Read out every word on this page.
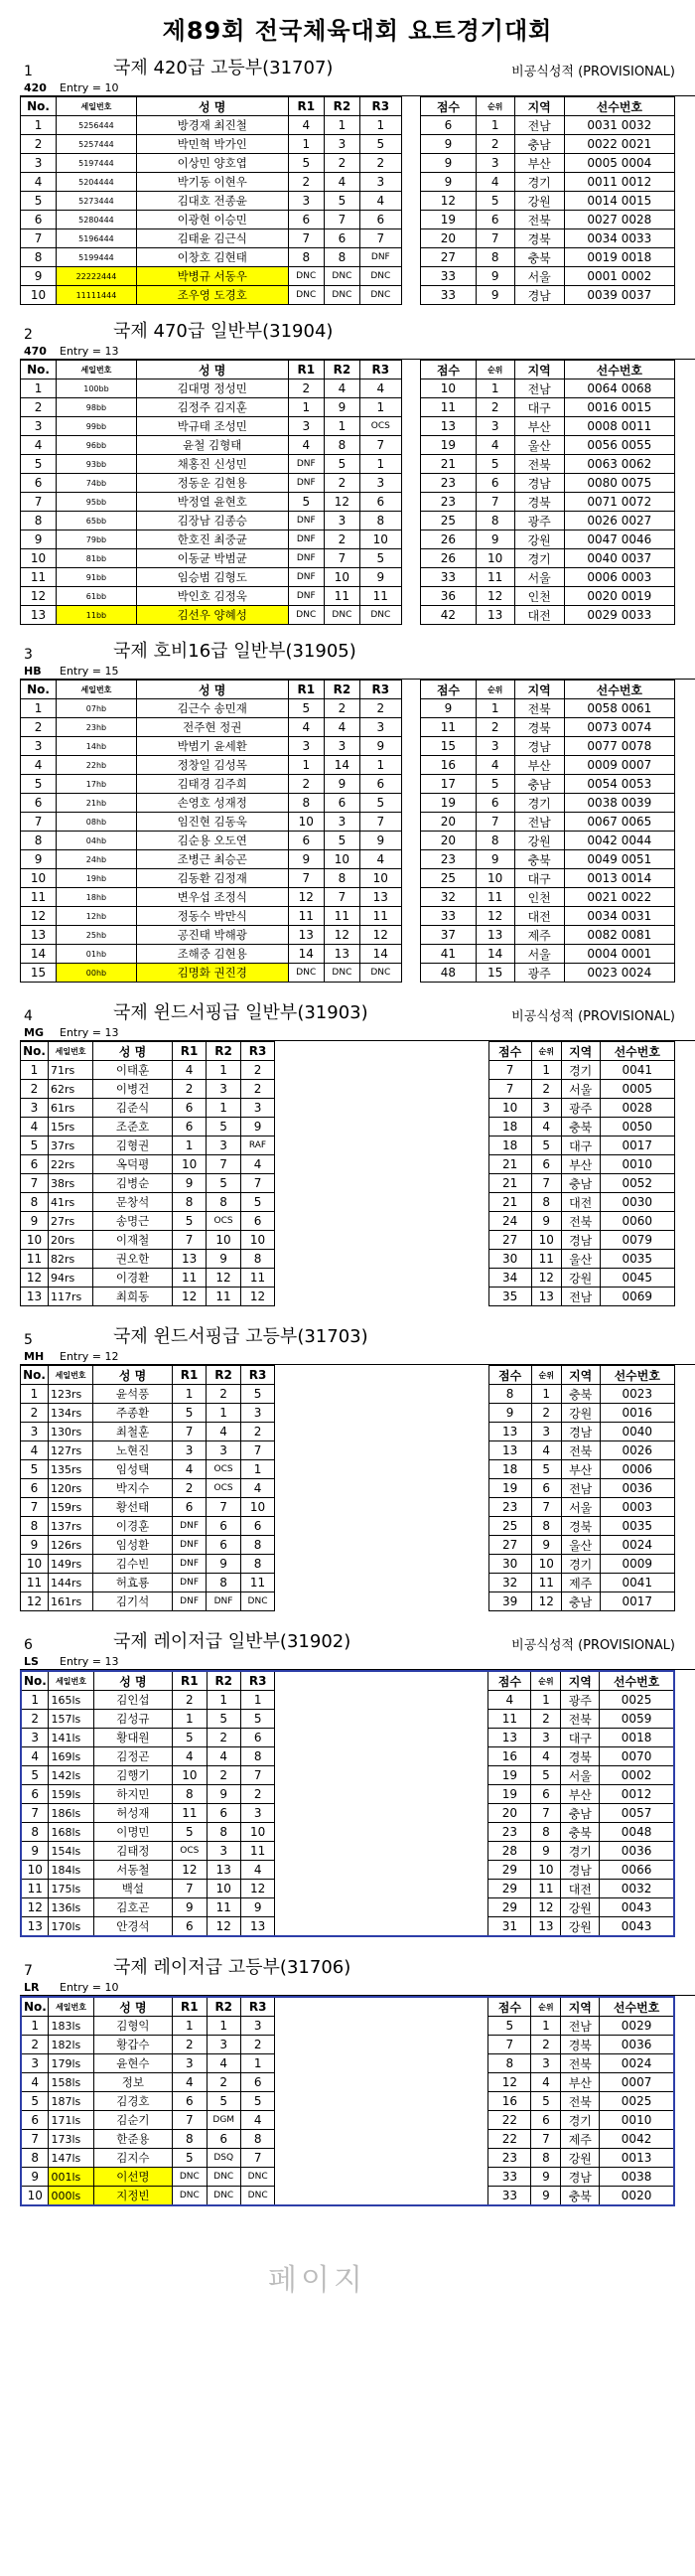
제89회 전국체육대회 요트경기대회
1	국제 420급 고등부(31707)	비공식성적 (PROVISIONAL)
420	Entry = 10
No.	세일번호	성 명	R1	R2	R3		점수	순위	지역	선수번호
1	5256444	방경재 최진철	4	1	1		6	1	전남	0031 0032
2	5257444	박민혁 박가인	1	3	5		9	2	충남	0022 0021
3	5197444	이상민 양호엽	5	2	2		9	3	부산	0005 0004
4	5204444	박기동 이현우	2	4	3		9	4	경기	0011 0012
5	5273444	김대호 전종윤	3	5	4		12	5	강원	0014 0015
6	5280444	이광현 이승민	6	7	6		19	6	전북	0027 0028
7	5196444	김태윤 김근식	7	6	7		20	7	경북	0034 0033
8	5199444	이창호 김현태	8	8	DNF		27	8	충북	0019 0018
9	22222444	박병규 서동우	DNC	DNC	DNC		33	9	서울	0001 0002
10	11111444	조우영 도경호	DNC	DNC	DNC		33	9	경남	0039 0037
2	국제 470급 일반부(31904)
470	Entry = 13
No.	세일번호	성 명	R1	R2	R3		점수	순위	지역	선수번호
1	100bb	김대명 정성민	2	4	4		10	1	전남	0064 0068
2	98bb	김정주 김지훈	1	9	1		11	2	대구	0016 0015
3	99bb	박규태 조성민	3	1	OCS		13	3	부산	0008 0011
4	96bb	윤철 김형태	4	8	7		19	4	울산	0056 0055
5	93bb	채홍진 신성민	DNF	5	1		21	5	전북	0063 0062
6	74bb	정동운 김현용	DNF	2	3		23	6	경남	0080 0075
7	95bb	박정열 윤현호	5	12	6		23	7	경북	0071 0072
8	65bb	김장남 김종승	DNF	3	8		25	8	광주	0026 0027
9	79bb	한호진 최중균	DNF	2	10		26	9	강원	0047 0046
10	81bb	이동균 박범균	DNF	7	5		26	10	경기	0040 0037
11	91bb	임승범 김형도	DNF	10	9		33	11	서울	0006 0003
12	61bb	박인호 김정욱	DNF	11	11		36	12	인천	0020 0019
13	11bb	김선우 양혜성	DNC	DNC	DNC		42	13	대전	0029 0033
3	국제 호비16급 일반부(31905)
HB	Entry = 15
No.	세일번호	성 명	R1	R2	R3		점수	순위	지역	선수번호
1	07hb	김근수 송민재	5	2	2		9	1	전북	0058 0061
2	23hb	전주현 정권	4	4	3		11	2	경북	0073 0074
3	14hb	박범기 윤세환	3	3	9		15	3	경남	0077 0078
4	22hb	정창일 김성목	1	14	1		16	4	부산	0009 0007
5	17hb	김태경 김주희	2	9	6		17	5	충남	0054 0053
6	21hb	손영호 성재정	8	6	5		19	6	경기	0038 0039
7	08hb	임진현 김동욱	10	3	7		20	7	전남	0067 0065
8	04hb	김순용 오도연	6	5	9		20	8	강원	0042 0044
9	24hb	조병근 최승곤	9	10	4		23	9	충북	0049 0051
10	19hb	김동환 김정재	7	8	10		25	10	대구	0013 0014
11	18hb	변우섭 조정식	12	7	13		32	11	인천	0021 0022
12	12hb	정동수 박만식	11	11	11		33	12	대전	0034 0031
13	25hb	공진태 박해광	13	12	12		37	13	제주	0082 0081
14	01hb	조해중 김현용	14	13	14		41	14	서울	0004 0001
15	00hb	김명화 권진경	DNC	DNC	DNC		48	15	광주	0023 0024
4	국제 윈드서핑급 일반부(31903)	비공식성적 (PROVISIONAL)
MG	Entry = 13
No.	세일번호	성 명	R1	R2	R3		점수	순위	지역	선수번호
1	71rs	이태훈	4	1	2		7	1	경기	0041
2	62rs	이병건	2	3	2		7	2	서울	0005
3	61rs	김준식	6	1	3		10	3	광주	0028
4	15rs	조준호	6	5	9		18	4	충북	0050
5	37rs	김형권	1	3	RAF		18	5	대구	0017
6	22rs	옥덕평	10	7	4		21	6	부산	0010
7	38rs	김병순	9	5	7		21	7	충남	0052
8	41rs	문창석	8	8	5		21	8	대전	0030
9	27rs	송명근	5	OCS	6		24	9	전북	0060
10	20rs	이재철	7	10	10		27	10	경남	0079
11	82rs	권오한	13	9	8		30	11	울산	0035
12	94rs	이경환	11	12	11		34	12	강원	0045
13	117rs	최희동	12	11	12		35	13	전남	0069
5	국제 윈드서핑급 고등부(31703)
MH	Entry = 12
No.	세일번호	성 명	R1	R2	R3		점수	순위	지역	선수번호
1	123rs	윤석풍	1	2	5		8	1	충북	0023
2	134rs	주종환	5	1	3		9	2	강원	0016
3	130rs	최철훈	7	4	2		13	3	경남	0040
4	127rs	노현진	3	3	7		13	4	전북	0026
5	135rs	임성택	4	OCS	1		18	5	부산	0006
6	120rs	박지수	2	OCS	4		19	6	전남	0036
7	159rs	황선태	6	7	10		23	7	서울	0003
8	137rs	이경훈	DNF	6	6		25	8	경북	0035
9	126rs	임성환	DNF	6	8		27	9	울산	0024
10	149rs	김수빈	DNF	9	8		30	10	경기	0009
11	144rs	허효룡	DNF	8	11		32	11	제주	0041
12	161rs	김기석	DNF	DNF	DNC		39	12	충남	0017
6	국제 레이저급 일반부(31902)	비공식성적 (PROVISIONAL)
LS	Entry = 13
No.	세일번호	성 명	R1	R2	R3		점수	순위	지역	선수번호
1	165ls	김인섭	2	1	1		4	1	광주	0025
2	157ls	김성규	1	5	5		11	2	전북	0059
3	141ls	황대원	5	2	6		13	3	대구	0018
4	169ls	김정곤	4	4	8		16	4	경북	0070
5	142ls	김행기	10	2	7		19	5	서울	0002
6	159ls	하지민	8	9	2		19	6	부산	0012
7	186ls	허성재	11	6	3		20	7	충남	0057
8	168ls	이명민	5	8	10		23	8	충북	0048
9	154ls	김태정	OCS	3	11		28	9	경기	0036
10	184ls	서동철	12	13	4		29	10	경남	0066
11	175ls	백설	7	10	12		29	11	대전	0032
12	136ls	김호곤	9	11	9		29	12	강원	0043
13	170ls	안경석	6	12	13		31	13	강원	0043
7	국제 레이저급 고등부(31706)
LR	Entry = 10
No.	세일번호	성 명	R1	R2	R3		점수	순위	지역	선수번호
1	183ls	김형익	1	1	3		5	1	전남	0029
2	182ls	황갑수	2	3	2		7	2	경북	0036
3	179ls	윤현수	3	4	1		8	3	전북	0024
4	158ls	정보	4	2	6		12	4	부산	0007
5	187ls	김경호	6	5	5		16	5	전북	0025
6	171ls	김순기	7	DGM	4		22	6	경기	0010
7	173ls	한준용	8	6	8		22	7	제주	0042
8	147ls	김지수	5	DSQ	7		23	8	강원	0013
9	001ls	이선명	DNC	DNC	DNC		33	9	경남	0038
10	000ls	지정빈	DNC	DNC	DNC		33	9	충북	0020
페이지
